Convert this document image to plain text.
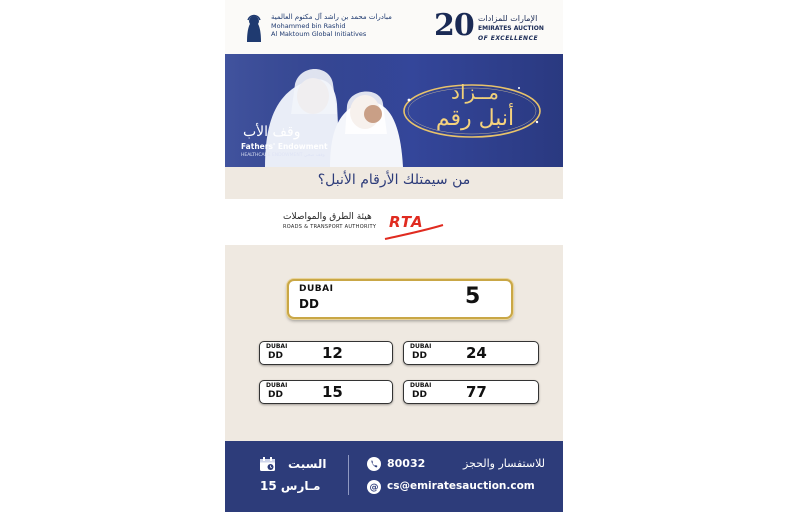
مبادرات محمد بن راشد آل مكتوم العالمية
Mohammed bin Rashid
Al Maktoum Global Initiatives 20 الإمارات للمزادات
EMIRATES AUCTION
OF EXCELLENCE
وقف الأب
Fathers' Endowment
HEALTHCARE ENDOWMENT وقف صحي
مــزاد
أنبل رقم
من سيمتلك الأرقام الأنبل؟
هيئة الطرق والمواصلات
ROADS & TRANSPORT AUTHORITY RTA
DUBAI
DD	5
DUBAI
DD	12	DUBAI
DD	24
DUBAI
DD	15	DUBAI
DD	77
السبت
15 مـارس
80032	للاستفسار والحجز
@ cs@emiratesauction.com
